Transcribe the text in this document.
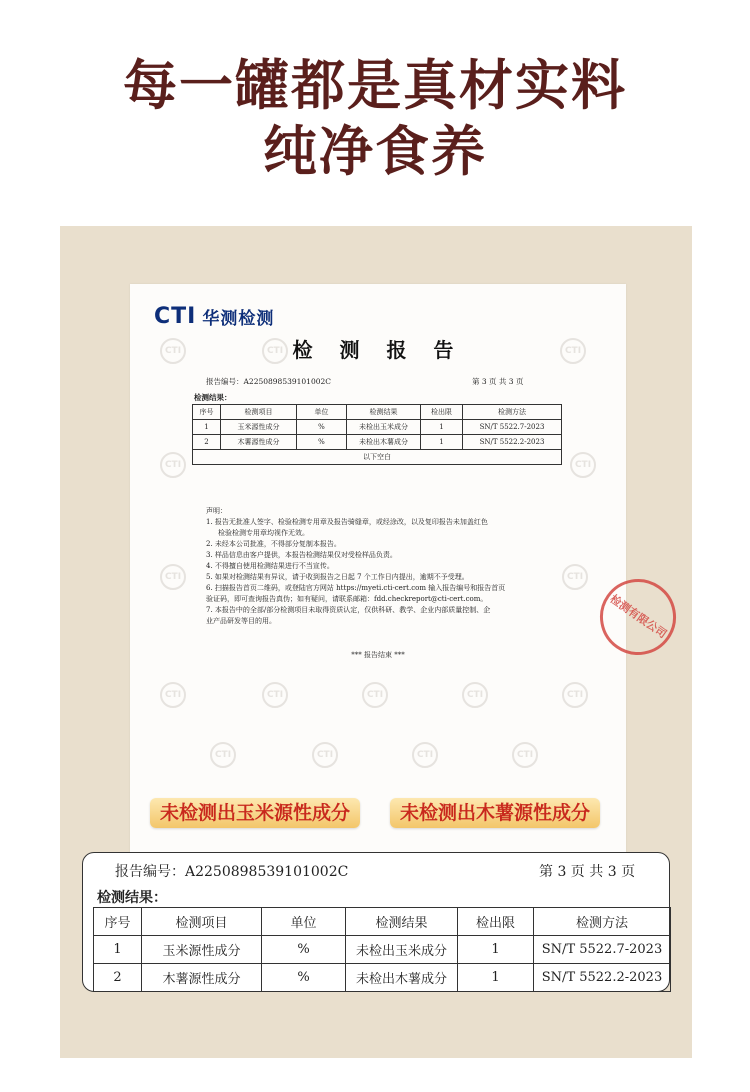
每一罐都是真材实料
纯净食养
CTI	CTI	CTI
CTI	CTI
CTI	CTI
CTI	CTI	CTI	CTI	CTI
CTI	CTI	CTI	CTI
CTI 华测检测
检 测 报 告
报告编号：A2250898539101002C	第 3 页 共 3 页
检测结果：
序号	检测项目	单位	检测结果	检出限	检测方法
1	玉米源性成分	%	未检出玉米成分	1	SN/T 5522.7-2023
2	木薯源性成分	%	未检出木薯成分	1	SN/T 5522.2-2023
以下空白					
声明：
1. 报告无批准人签字、检验检测专用章及报告骑缝章，或经涂改，以及复印报告未加盖红色
检验检测专用章均视作无效。
2. 未经本公司批准，不得部分复制本报告。
3. 样品信息由客户提供，本报告检测结果仅对受检样品负责。
4. 不得擅自使用检测结果进行不当宣传。
5. 如果对检测结果有异议，请于收到报告之日起 7 个工作日内提出，逾期不予受理。
6. 扫描报告首页二维码，或登陆官方网站 https://myeti.cti-cert.com 输入报告编号和报告首页
验证码，即可查询报告真伪；如有疑问，请联系邮箱：fdd.checkreport@cti-cert.com。
7. 本报告中的全部/部分检测项目未取得资质认定，仅供科研、教学、企业内部质量控制、企
业产品研发等目的用。
*** 报告结束 ***
检测有限公司
未检测出玉米源性成分	未检测出木薯源性成分
报告编号：A2250898539101002C	第 3 页 共 3 页
检测结果：
序号	检测项目	单位	检测结果	检出限	检测方法
1	玉米源性成分	%	未检出玉米成分	1	SN/T 5522.7-2023
2	木薯源性成分	%	未检出木薯成分	1	SN/T 5522.2-2023
